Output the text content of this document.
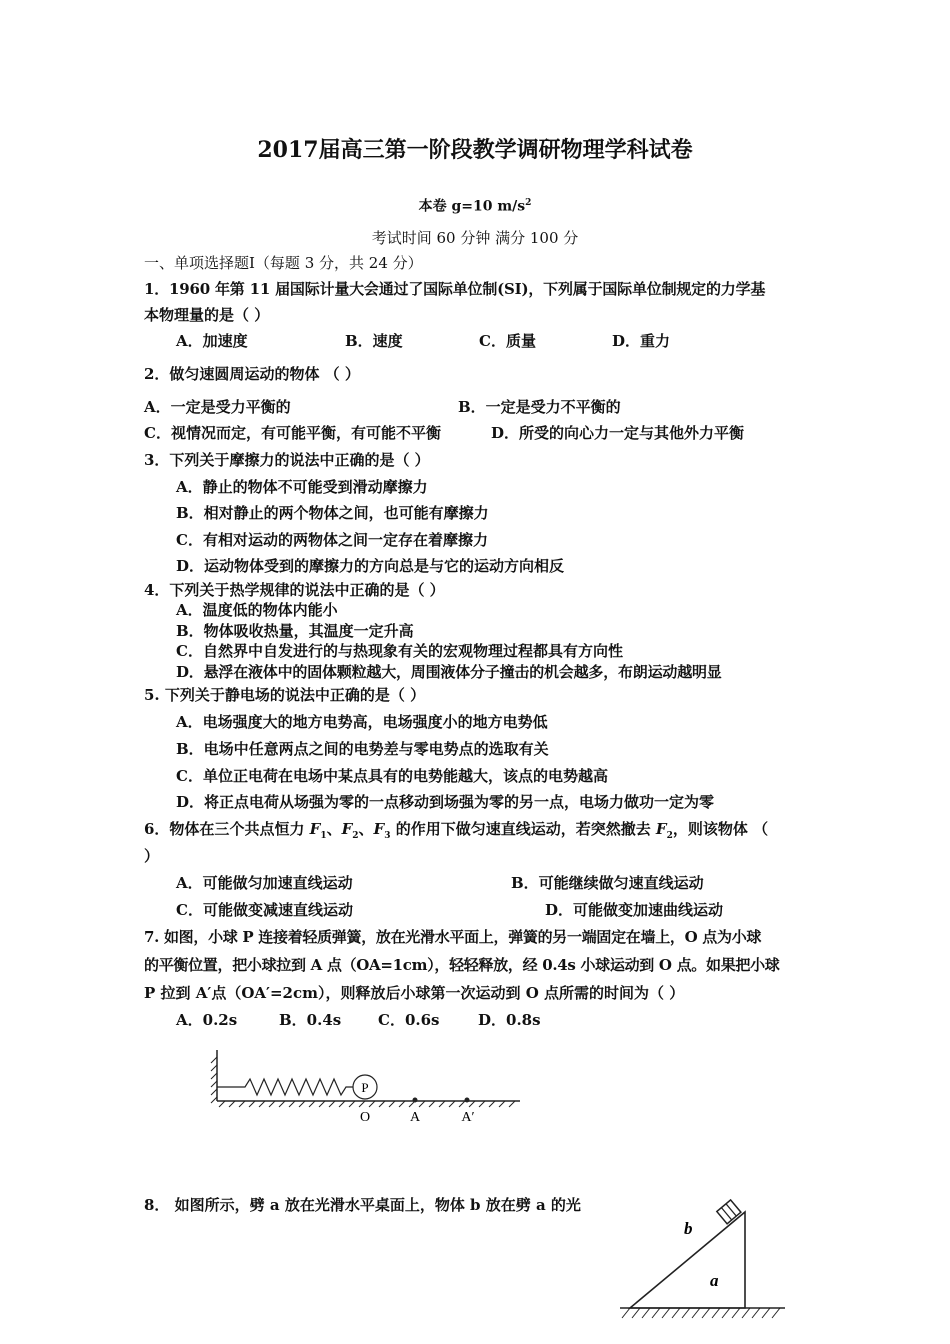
2017届高三第一阶段教学调研物理学科试卷
本卷 g=10 $m/s^2$
考试时间 60 分钟 满分 100 分
一、单项选择题Ⅰ（每题 3 分，共 24 分）
1．1960 年第 11 届国际计量大会通过了国际单位制(SI)，下列属于国际单位制规定的力学基
本物理量的是（ ）
A．加速度	B．速度	C．质量	D．重力
2．做匀速圆周运动的物体 （ ）
A．一定是受力平衡的	B．一定是受力不平衡的
C．视情况而定，有可能平衡，有可能不平衡	D．所受的向心力一定与其他外力平衡
3．下列关于摩擦力的说法中正确的是（ ）
A．静止的物体不可能受到滑动摩擦力
B．相对静止的两个物体之间，也可能有摩擦力
C．有相对运动的两物体之间一定存在着摩擦力
D．运动物体受到的摩擦力的方向总是与它的运动方向相反
4．下列关于热学规律的说法中正确的是（ ）
A．温度低的物体内能小
B．物体吸收热量，其温度一定升高
C．自然界中自发进行的与热现象有关的宏观物理过程都具有方向性
D．悬浮在液体中的固体颗粒越大，周围液体分子撞击的机会越多，布朗运动越明显
5. 下列关于静电场的说法中正确的是（ ）
A．电场强度大的地方电势高，电场强度小的地方电势低
B．电场中任意两点之间的电势差与零电势点的选取有关
C．单位正电荷在电场中某点具有的电势能越大，该点的电势越高
D．将正点电荷从场强为零的一点移动到场强为零的另一点，电场力做功一定为零
6．物体在三个共点恒力 $F_1$、$F_2$、$F_3$ 的作用下做匀速直线运动，若突然撤去 $F_2$，则该物体 （
）
A．可能做匀加速直线运动	B．可能继续做匀速直线运动
C．可能做变减速直线运动	D．可能做变加速曲线运动
7. 如图，小球 P 连接着轻质弹簧，放在光滑水平面上，弹簧的另一端固定在墙上，O 点为小球
的平衡位置，把小球拉到 A 点（OA=1cm），轻轻释放，经 0.4s 小球运动到 O 点。如果把小球
P 拉到 A′点（OA′=2cm），则释放后小球第一次运动到 O 点所需的时间为（ ）
A．0.2s	B．0.4s C．0.6s	D．0.8s
P
O	A	A′
8． 如图所示，劈 a 放在光滑水平桌面上，物体 b 放在劈 a 的光
b
a
